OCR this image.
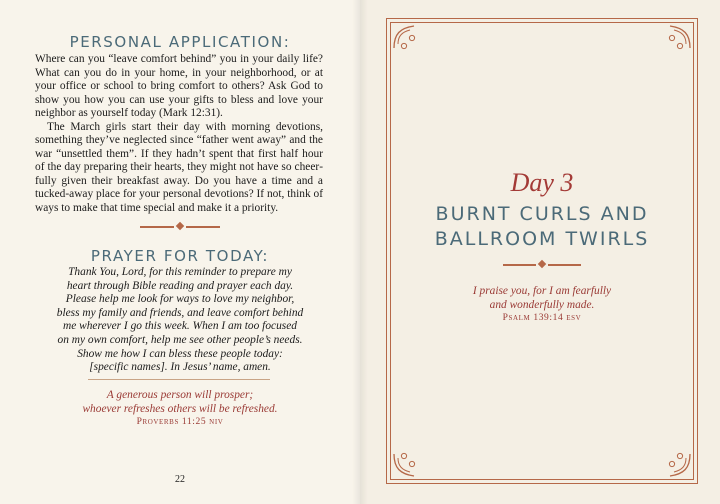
PERSONAL APPLICATION:

Where can you “leave comfort behind” you in your daily life? What can you do in your home, in your neighborhood, or at your office or school to bring comfort to others? Ask God to show you how you can use your gifts to bless and love your neighbor as yourself today (Mark 12:31).

The March girls start their day with morning devotions, something they’ve neglected since “father went away” and the war “unsettled them”. If they hadn’t spent that first half hour of the day preparing their hearts, they might not have so cheerfully given their breakfast away. Do you have a time and a tucked-away place for your personal devotions? If not, think of ways to make that time special and make it a priority.

PRAYER FOR TODAY:

Thank You, Lord, for this reminder to prepare my

heart through Bible reading and prayer each day.

Please help me look for ways to love my neighbor,

bless my family and friends, and leave comfort behind

me wherever I go this week. When I am too focused

on my own comfort, help me see other people’s needs.

Show me how I can bless these people today:

[specific names]. In Jesus’ name, amen.

A generous person will prosper;

whoever refreshes others will be refreshed.

Proverbs 11:25 niv
22
Day 3
BURNT CURLS AND
BALLROOM TWIRLS

I praise you, for I am fearfully

and wonderfully made.

Psalm 139:14 esv
